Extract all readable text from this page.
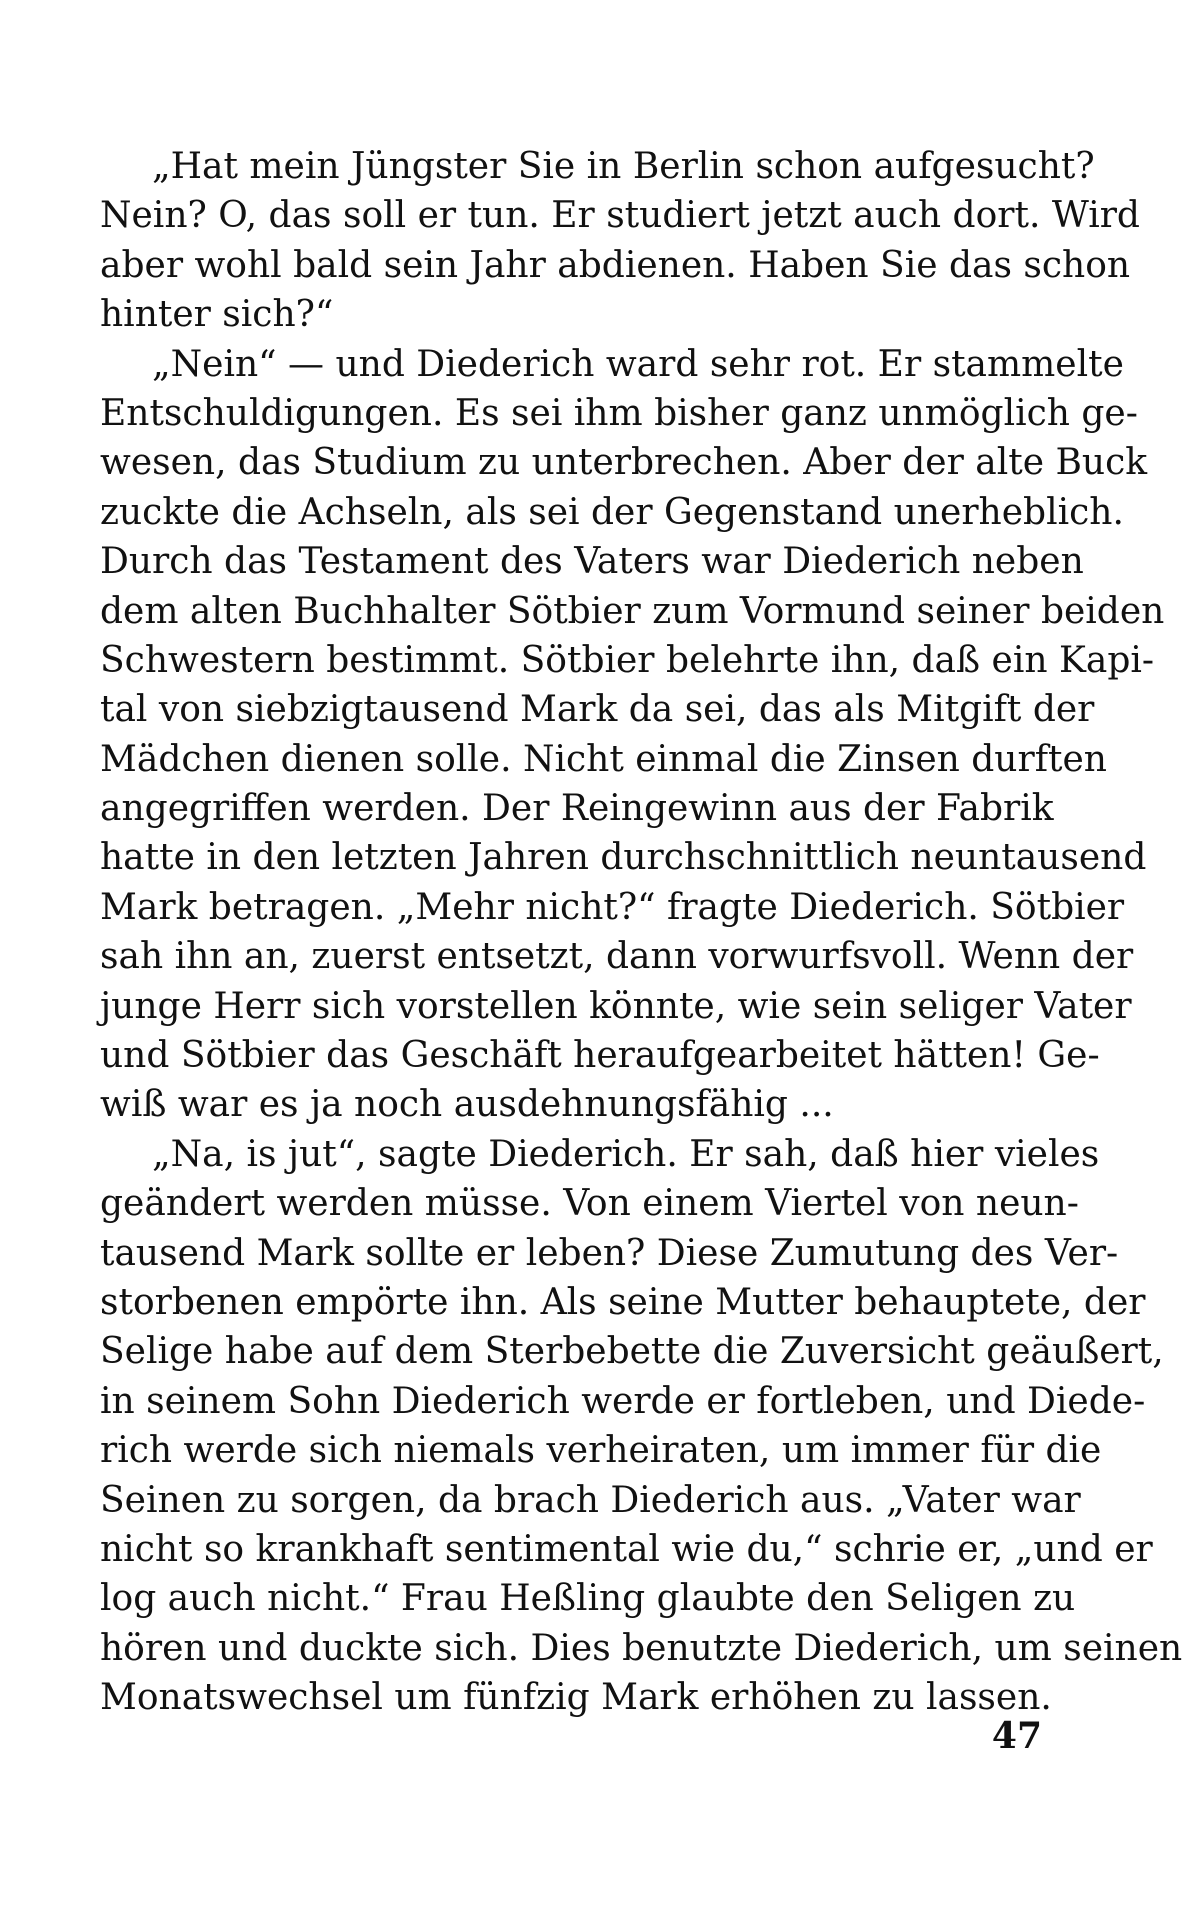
„Hat mein Jüngster Sie in Berlin schon aufgesucht?
Nein? O, das soll er tun. Er studiert jetzt auch dort. Wird
aber wohl bald sein Jahr abdienen. Haben Sie das schon
hinter sich?“
„Nein“ — und Diederich ward sehr rot. Er stammelte
Entschuldigungen. Es sei ihm bisher ganz unmöglich ge-
wesen, das Studium zu unterbrechen. Aber der alte Buck
zuckte die Achseln, als sei der Gegenstand unerheblich.
Durch das Testament des Vaters war Diederich neben
dem alten Buchhalter Sötbier zum Vormund seiner beiden
Schwestern bestimmt. Sötbier belehrte ihn, daß ein Kapi-
tal von siebzigtausend Mark da sei, das als Mitgift der
Mädchen dienen solle. Nicht einmal die Zinsen durften
angegriffen werden. Der Reingewinn aus der Fabrik
hatte in den letzten Jahren durchschnittlich neuntausend
Mark betragen. „Mehr nicht?“ fragte Diederich. Sötbier
sah ihn an, zuerst entsetzt, dann vorwurfsvoll. Wenn der
junge Herr sich vorstellen könnte, wie sein seliger Vater
und Sötbier das Geschäft heraufgearbeitet hätten! Ge-
wiß war es ja noch ausdehnungsfähig ...
„Na, is jut“, sagte Diederich. Er sah, daß hier vieles
geändert werden müsse. Von einem Viertel von neun-
tausend Mark sollte er leben? Diese Zumutung des Ver-
storbenen empörte ihn. Als seine Mutter behauptete, der
Selige habe auf dem Sterbebette die Zuversicht geäußert,
in seinem Sohn Diederich werde er fortleben, und Diede-
rich werde sich niemals verheiraten, um immer für die
Seinen zu sorgen, da brach Diederich aus. „Vater war
nicht so krankhaft sentimental wie du,“ schrie er, „und er
log auch nicht.“ Frau Heßling glaubte den Seligen zu
hören und duckte sich. Dies benutzte Diederich, um seinen
Monatswechsel um fünfzig Mark erhöhen zu lassen.
47
